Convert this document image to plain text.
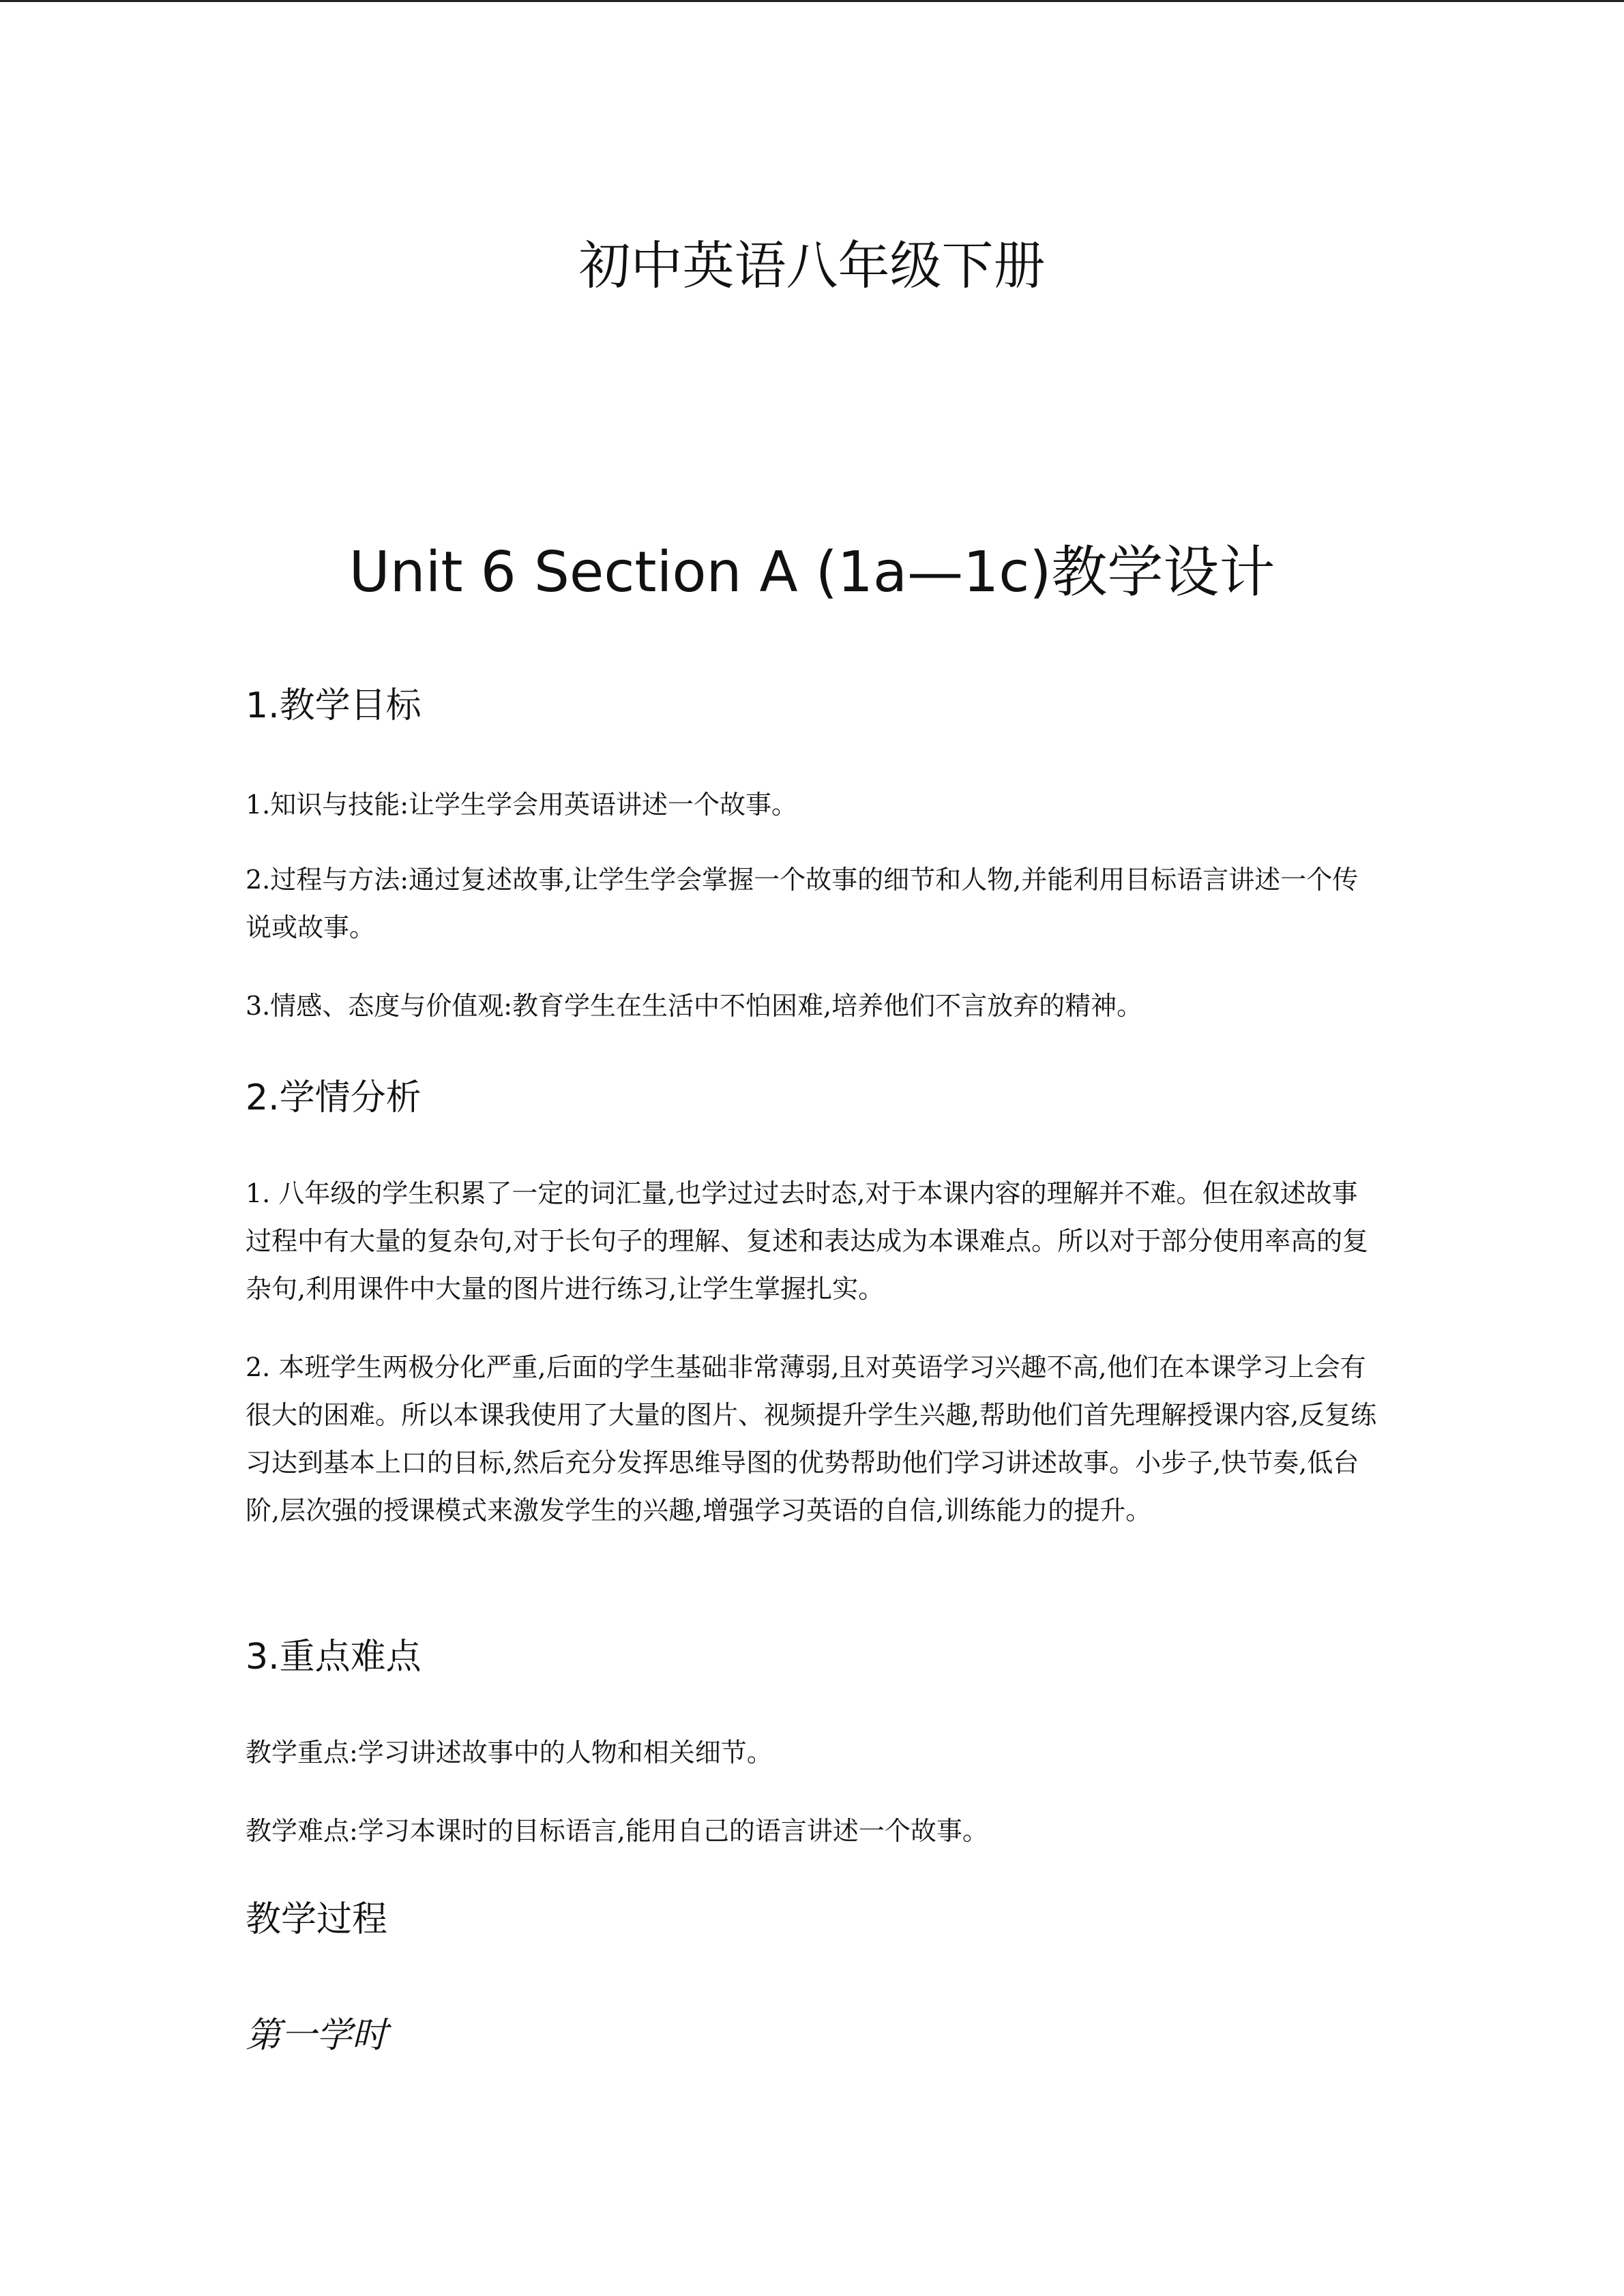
初中英语八年级下册
Unit 6 Section A (1a—1c)教学设计
1.教学目标

1.知识与技能:让学生学会用英语讲述一个故事。

2.过程与方法:通过复述故事,让学生学会掌握一个故事的细节和人物,并能利用目标语言讲述一个传说或故事。

3.情感、态度与价值观:教育学生在生活中不怕困难,培养他们不言放弃的精神。

2.学情分析

1. 八年级的学生积累了一定的词汇量,也学过过去时态,对于本课内容的理解并不难。但在叙述故事过程中有大量的复杂句,对于长句子的理解、复述和表达成为本课难点。所以对于部分使用率高的复杂句,利用课件中大量的图片进行练习,让学生掌握扎实。

2. 本班学生两极分化严重,后面的学生基础非常薄弱,且对英语学习兴趣不高,他们在本课学习上会有很大的困难。所以本课我使用了大量的图片、视频提升学生兴趣,帮助他们首先理解授课内容,反复练习达到基本上口的目标,然后充分发挥思维导图的优势帮助他们学习讲述故事。小步子,快节奏,低台阶,层次强的授课模式来激发学生的兴趣,增强学习英语的自信,训练能力的提升。

3.重点难点

教学重点:学习讲述故事中的人物和相关细节。

教学难点:学习本课时的目标语言,能用自己的语言讲述一个故事。

教学过程
第一学时
